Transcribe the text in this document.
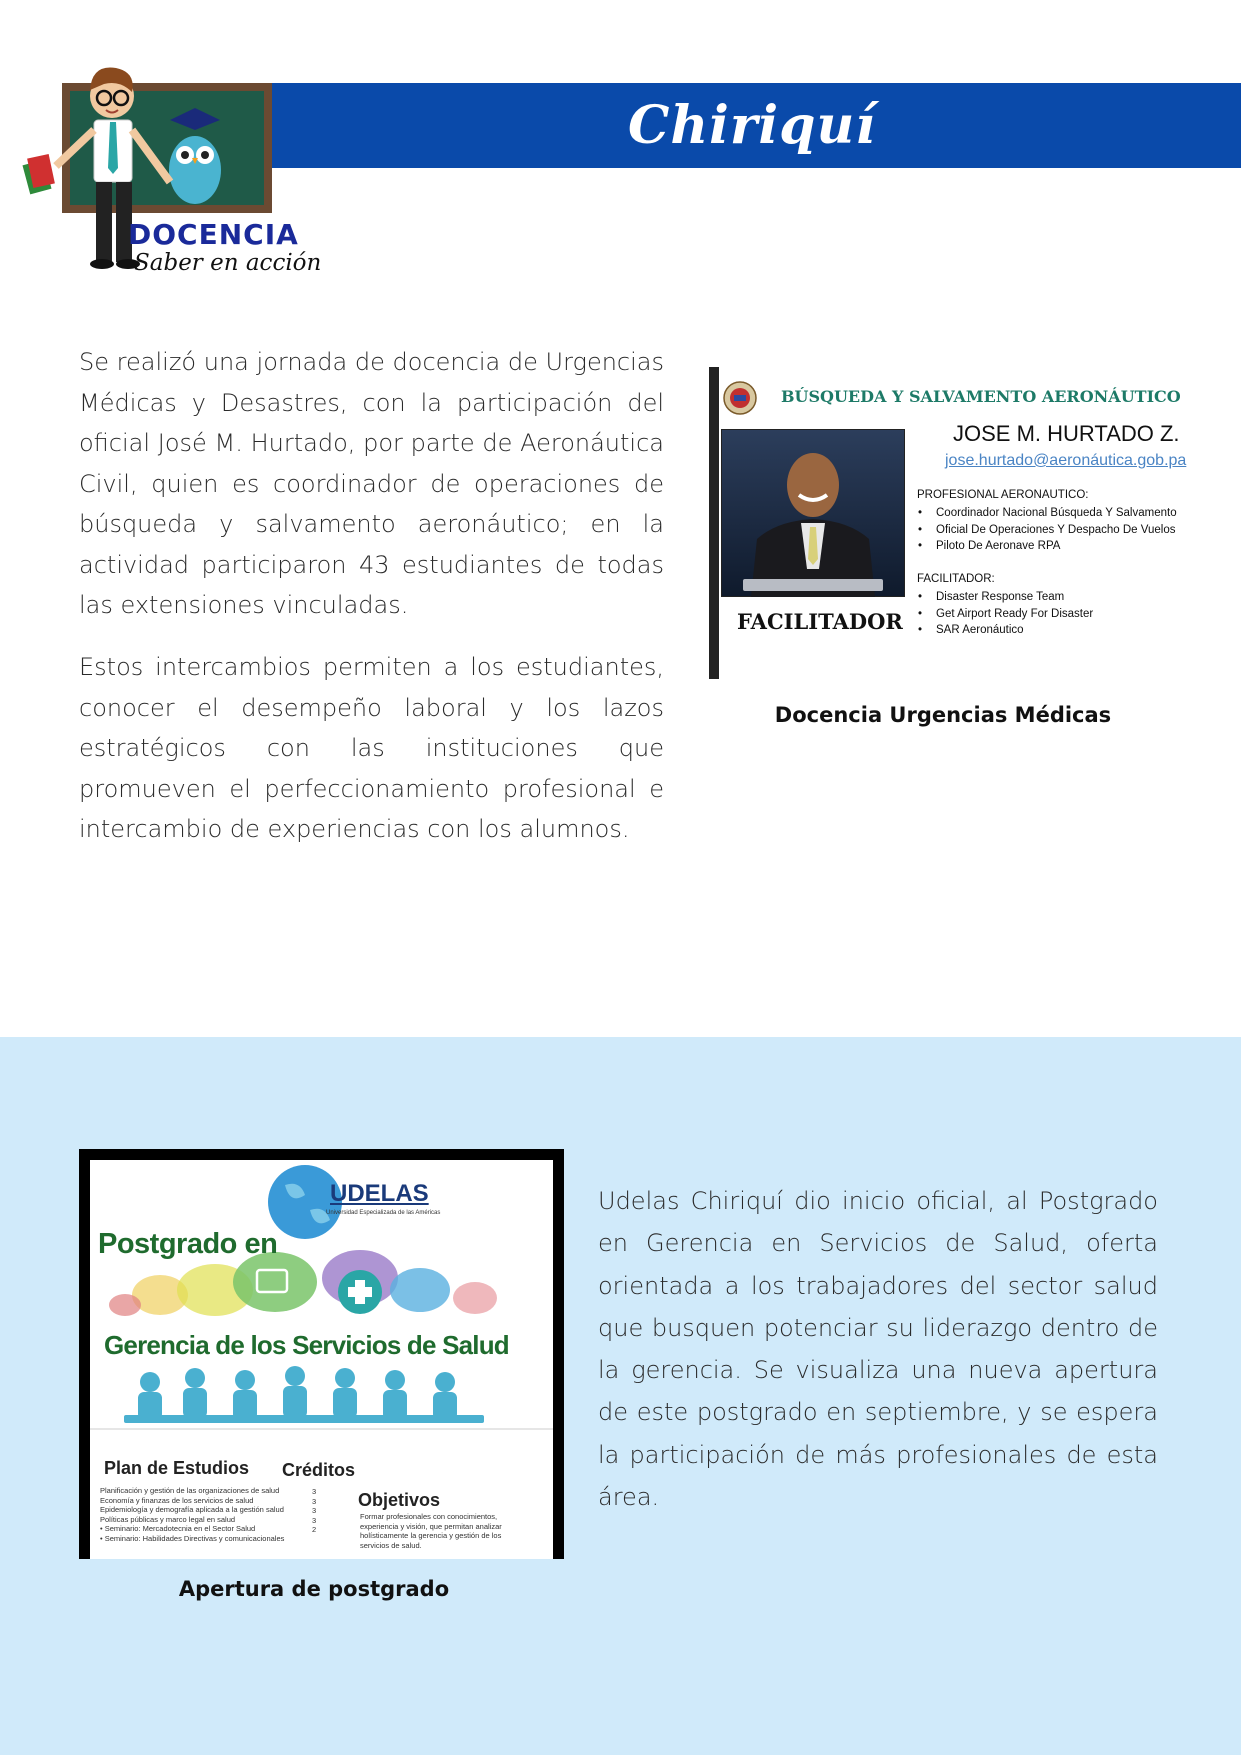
Chiriquí
DOCENCIA
Saber en acción
Se realizó una jornada de docencia de Urgencias Médicas y Desastres, con la participación del oficial José M. Hurtado, por parte de Aeronáutica Civil, quien es coordinador de operaciones de búsqueda y salvamento aeronáutico; en la actividad participaron 43 estudiantes de todas las extensiones vinculadas.
Estos intercambios permiten a los estudiantes, conocer el desempeño laboral y los lazos estratégicos con las instituciones que promueven el perfeccionamiento profesional e intercambio de experiencias con los alumnos.
BÚSQUEDA Y SALVAMENTO AERONÁUTICO
JOSE M. HURTADO Z.
jose.hurtado@aeronáutica.gob.pa
FACILITADOR
PROFESIONAL AERONAUTICO:
• Coordinador Nacional Búsqueda Y Salvamento
• Oficial De Operaciones Y Despacho De Vuelos
• Piloto De Aeronave RPA
FACILITADOR:
• Disaster Response Team
• Get Airport Ready For Disaster
• SAR Aeronáutico
Docencia Urgencias Médicas
UDELAS
Universidad Especializada de las Américas
Postgrado en
Gerencia de los Servicios de Salud
Plan de Estudios Créditos
Planificación y gestión de las organizaciones de salud
Economía y finanzas de los servicios de salud
Epidemiología y demografía aplicada a la gestión salud
Políticas públicas y marco legal en salud
• Seminario: Mercadotecnia en el Sector Salud
• Seminario: Habilidades Directivas y comunicacionales
3
3
3
3
2
Objetivos
Formar profesionales con conocimientos, experiencia y visión, que permitan analizar holísticamente la gerencia y gestión de los servicios de salud.
Apertura de postgrado
Udelas Chiriquí dio inicio oficial, al Postgrado en Gerencia en Servicios de Salud, oferta orientada a los trabajadores del sector salud que busquen potenciar su liderazgo dentro de la gerencia. Se visualiza una nueva apertura de este postgrado en septiembre, y se espera la participación de más profesionales de esta área.
